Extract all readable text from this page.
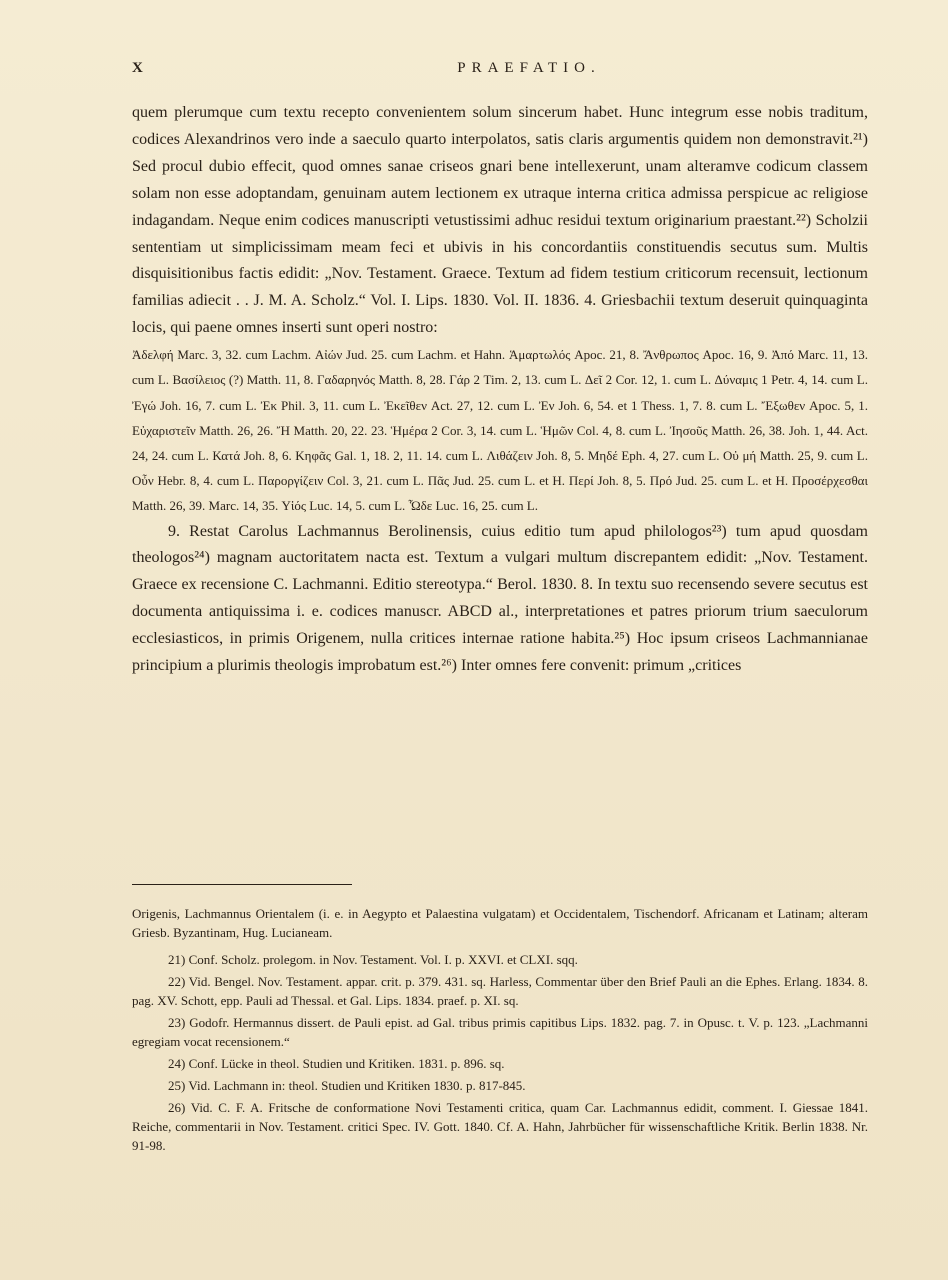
X	PRAEFATIO.

quem plerumque cum textu recepto convenientem solum sincerum habet. Hunc integrum esse nobis traditum, codices Alexandrinos vero inde a saeculo quarto interpolatos, satis claris argumentis quidem non demonstravit.²¹) Sed procul dubio effecit, quod omnes sanae criseos gnari bene intellexerunt, unam alteramve codicum classem solam non esse adoptandam, genuinam autem lectionem ex utraque interna critica admissa perspicue ac religiose indagandam. Neque enim codices manuscripti vetustissimi adhuc residui textum originarium praestant.²²) Scholzii sententiam ut simplicissimam meam feci et ubivis in his concordantiis constituendis secutus sum. Multis disquisitionibus factis edidit: „Nov. Testament. Graece. Textum ad fidem testium criticorum recensuit, lectionum familias adiecit . . J. M. A. Scholz.“ Vol. I. Lips. 1830. Vol. II. 1836. 4. Griesbachii textum deseruit quinquaginta locis, qui paene omnes inserti sunt operi nostro:

Ἀδελφή Marc. 3, 32. cum Lachm. Αἰών Jud. 25. cum Lachm. et Hahn. Ἁμαρτωλός Apoc. 21, 8. Ἄνθρωπος Apoc. 16, 9. Ἀπό Marc. 11, 13. cum L. Βασίλειος (?) Matth. 11, 8. Γαδαρηνός Matth. 8, 28. Γάρ 2 Tim. 2, 13. cum L. Δεῖ 2 Cor. 12, 1. cum L. Δύναμις 1 Petr. 4, 14. cum L. Ἐγώ Joh. 16, 7. cum L. Ἐκ Phil. 3, 11. cum L. Ἐκεῖθεν Act. 27, 12. cum L. Ἐν Joh. 6, 54. et 1 Thess. 1, 7. 8. cum L. Ἔξωθεν Apoc. 5, 1. Εὐχαριστεῖν Matth. 26, 26. Ἤ Matth. 20, 22. 23. Ἡμέρα 2 Cor. 3, 14. cum L. Ἡμῶν Col. 4, 8. cum L. Ἰησοῦς Matth. 26, 38. Joh. 1, 44. Act. 24, 24. cum L. Κατά Joh. 8, 6. Κηφᾶς Gal. 1, 18. 2, 11. 14. cum L. Λιθάζειν Joh. 8, 5. Μηδέ Eph. 4, 27. cum L. Οὐ μή Matth. 25, 9. cum L. Οὖν Hebr. 8, 4. cum L. Παροργίζειν Col. 3, 21. cum L. Πᾶς Jud. 25. cum L. et H. Περί Joh. 8, 5. Πρό Jud. 25. cum L. et H. Προσέρχεσθαι Matth. 26, 39. Marc. 14, 35. Υἱός Luc. 14, 5. cum L. Ὧδε Luc. 16, 25. cum L.

9. Restat Carolus Lachmannus Berolinensis, cuius editio tum apud philologos²³) tum apud quosdam theologos²⁴) magnam auctoritatem nacta est. Textum a vulgari multum discrepantem edidit: „Nov. Testament. Graece ex recensione C. Lachmanni. Editio stereotypa.“ Berol. 1830. 8. In textu suo recensendo severe secutus est documenta antiquissima i. e. codices manuscr. ABCD al., interpretationes et patres priorum trium saeculorum ecclesiasticos, in primis Origenem, nulla critices internae ratione habita.²⁵) Hoc ipsum criseos Lachmannianae principium a plurimis theologis improbatum est.²⁶) Inter omnes fere convenit: primum „critices

Origenis, Lachmannus Orientalem (i. e. in Aegypto et Palaestina vulgatam) et Occidentalem, Tischendorf. Africanam et Latinam; alteram Griesb. Byzantinam, Hug. Lucianeam.

21) Conf. Scholz. prolegom. in Nov. Testament. Vol. I. p. XXVI. et CLXI. sqq.

22) Vid. Bengel. Nov. Testament. appar. crit. p. 379. 431. sq. Harless, Commentar über den Brief Pauli an die Ephes. Erlang. 1834. 8. pag. XV. Schott, epp. Pauli ad Thessal. et Gal. Lips. 1834. praef. p. XI. sq.

23) Godofr. Hermannus dissert. de Pauli epist. ad Gal. tribus primis capitibus Lips. 1832. pag. 7. in Opusc. t. V. p. 123. „Lachmanni egregiam vocat recensionem.“

24) Conf. Lücke in theol. Studien und Kritiken. 1831. p. 896. sq.

25) Vid. Lachmann in: theol. Studien und Kritiken 1830. p. 817-845.

26) Vid. C. F. A. Fritsche de conformatione Novi Testamenti critica, quam Car. Lachmannus edidit, comment. I. Giessae 1841. Reiche, commentarii in Nov. Testament. critici Spec. IV. Gott. 1840. Cf. A. Hahn, Jahrbücher für wissenschaftliche Kritik. Berlin 1838. Nr. 91-98.
